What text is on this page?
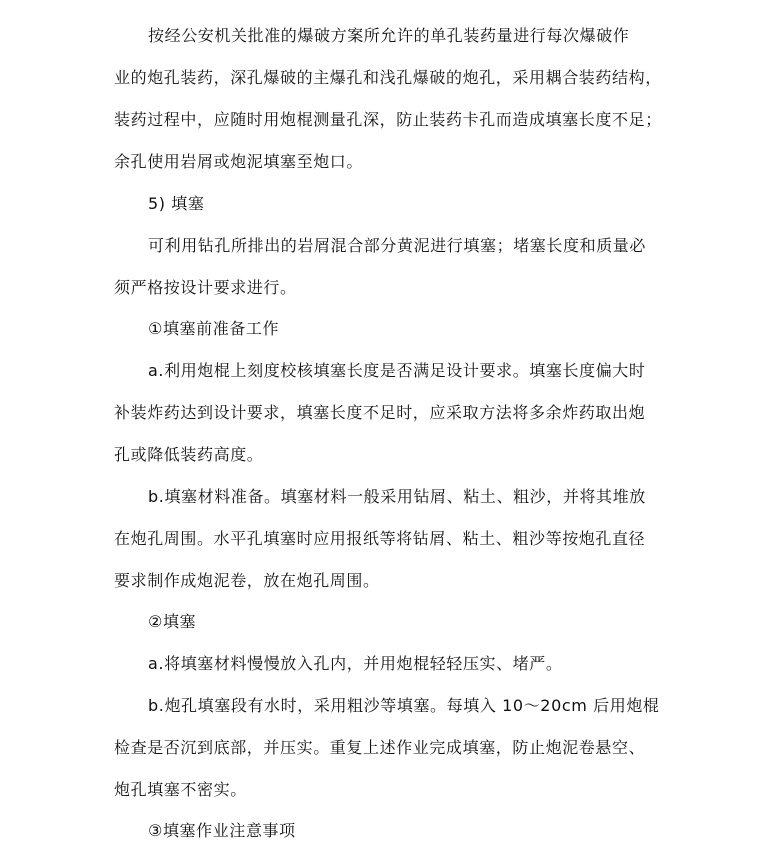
按经公安机关批准的爆破方案所允许的单孔装药量进行每次爆破作
业的炮孔装药，深孔爆破的主爆孔和浅孔爆破的炮孔，采用耦合装药结构，
装药过程中，应随时用炮棍测量孔深，防止装药卡孔而造成填塞长度不足；
余孔使用岩屑或炮泥填塞至炮口。
5) 填塞
可利用钻孔所排出的岩屑混合部分黄泥进行填塞；堵塞长度和质量必
须严格按设计要求进行。
①填塞前准备工作
a.利用炮棍上刻度校核填塞长度是否满足设计要求。填塞长度偏大时
补装炸药达到设计要求，填塞长度不足时，应采取方法将多余炸药取出炮
孔或降低装药高度。
b.填塞材料准备。填塞材料一般采用钻屑、粘土、粗沙，并将其堆放
在炮孔周围。水平孔填塞时应用报纸等将钻屑、粘土、粗沙等按炮孔直径
要求制作成炮泥卷，放在炮孔周围。
②填塞
a.将填塞材料慢慢放入孔内，并用炮棍轻轻压实、堵严。
b.炮孔填塞段有水时，采用粗沙等填塞。每填入 10～20cm 后用炮棍
检查是否沉到底部，并压实。重复上述作业完成填塞，防止炮泥卷悬空、
炮孔填塞不密实。
③填塞作业注意事项
